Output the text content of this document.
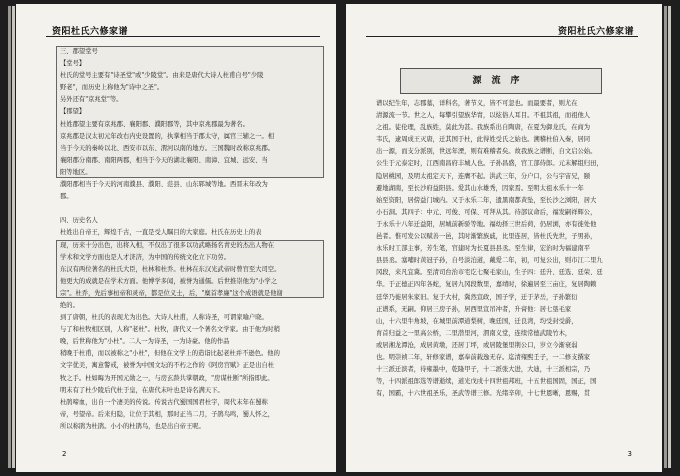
资阳杜氏六修家谱
三、郡望堂号
【堂号】
杜氏的堂号主要有"诗圣堂"或"少陵堂"。由来是唐代大诗人杜甫自号"少陵
野老"，而历史上称他为"诗中之圣"。
另外还有"京兆堂"等。
【郡望】
杜姓郡望主要有京兆郡、襄阳郡、濮阳郡等，其中京兆郡最为著名。
京兆郡是汉太初元年改右内史设置的，执掌相当于郡太守，属官三辅之一。相
当于今天的秦岭以北、西安市以东、渭河以南的地方。三国魏时改称京兆郡。
襄阳郡分南郡、南阳两郡，相当于今天的湖北襄阳、南漳、宜城、远安、当
阳等地区。
濮阳郡相当于今天的河南濮县、濮阳、范县、山东郓城等地。西晋末年改为
郡。
四、历史名人
杜姓出自帝王，辉煌千古，一直是受人瞩目的大家庭。杜氏在历史上的表
现，历来十分出色，出将入相，不仅出了很多以功武略扬名青史的杰出人物在
学术和文学方面也是人才济济，为中国的传统文化立下功劳。
东汉有两位著名的杜氏大臣，杜林和杜乔。杜林在东汉光武帝时曾官至大司空。
他更大的成就是在学术方面。他博学多闻，被誉为通儒。后世推崇他为"小学之
宗"。杜乔，先后事桓帝和灵帝，都是位义士，后，"糜首孝廉"这个成语就是他谢
绝的。
到了唐朝，杜氏的表现尤为出色。大诗人杜甫，人称诗圣，可谓家喻户晓。
与了和杜牧相区别，人称"老杜"。杜牧，唐代又一个著名文学家。由于他为时稍
晚，后世称他为"小杜"。二人一为诗圣，一为诗豪。他的作品
稍晚于杜甫，而以被称之"小杜"，但他在文学上的造诣比起老杜并不逊色。他的
文字优美，寓意警戒，被誉为中国文坛的不朽之作的《阿房宫赋》正是出自杜
牧之手。杜如晦为开国元勋之一，与房玄龄共掌朝政，"房谋杜断"所指即此。
明末有了杜少陵后代杜于皇，在唐代末叶也是诗名满天下。
杜鹃啼血，出自一个凄美的传说。传说古代蜀国国君杜宇，周代末年在蜀称
帝，号望帝。后来归隐，让位于其相，那时正当二月，子鹃鸟鸣，蜀人怀之，
所以称鹃为杜鹃。小小的杜鹃鸟，也是出自帝王呢。
2
资阳杜氏六修家谱
源流序
谱以纪生年，志郡墓，详科名，著节义，皆不可忽也。而最要者，则尤在
清源流一节。世之人，每攀引望族华胄，以炫俗人耳目。不祖其祖，而祖他人
之祖。徒伦理，乱族姓，莫此为甚。我族系出自陶唐，在夏为御龙氏，在商为
韦氏，逮周成王灭唐，迁其国于杜，此得姓受氏之始也。溯稽杜伯入秦，居同
出一源，而支分派别，世远年湮，则有难稽者矣。故我族之谱断，自文启公始。
公生于元泰定时，江西南昌府丰城人也。子孙昌盛，官工部侍郎。元末解组归田，
隐居桃园，及明太祖定天下，连膺不起。洪武三年，分户口，公与宇宙兄，颐
避地湖南，至长沙府益阳县。爱其山水雄秀，因家焉。至明太祖永乐十一年
始至资阳，居傍益门城内。又于永乐二年，遗黑南都黄坠，至长沙之浏阳，居大
小石洞。其四子：中元、可俊、可保、可拜从其。待部议命后，福发嗣祥辉公，
于永乐十八年迁益阳，居城前新骄等地。福幼择三世后荷，仍居浏，亦有徙处他
邑者。惟可发公以赋善一邑，其时渐繁族戚，比里连居，皆杜氏先世，子男孙，
永乐时工部主事，芳生笔，官建时为长夏县县丞。至生律，宏治时为福建南平
县县丞。塞哺时黄冠子孙，自号淡泊道，戴爱二年，初，可复公出，则市江二里九
冈段，来凡宜冀。至清司台治市宅讫七聚毛家山，生子四：廷升、廷选、廷荣、廷
华。于正德正四年各蛇，复居九冈段数里，嘉靖时，徐遍居至三亩庄，复居陶赖
廷华乃徙居朱家旧。复于大村，冀然宣政，国子学，迁于茅岳，子孙繁衍
正谱系，无嗣。仰居三房子孙，居西里宣吊冲者，升膏他：居七垦毛家
山，十六里牛角坡，在城里前潭道梨树，晚廷国，迁良湾，均受封受爵，
育首归益之一里高公桥，二里潜里河，渭南义堂，连续常德武陵竹木，
或居湘龙潭沧，成居黄墩，还居丁坪，或居陵堡里荆公口，岁立今渐衰弱
也。明崇祯二年，轩修家谱，嘉奉前载逸无存。迄清雍熙壬子，一二修支撰家
十三派迁滨者，待雍墨中，乾隆甲子，十二派张大进，大迪，十三派相宗，乃
等，十四派祖郎选等谱逝续，道光戊戌十四世祖邦班，十五世祖国固，国正，国
有，国霸，十六世祖圣乐，圣武等谱三修。光绪辛卯，十七世恩晰，恩赐，贯
3
